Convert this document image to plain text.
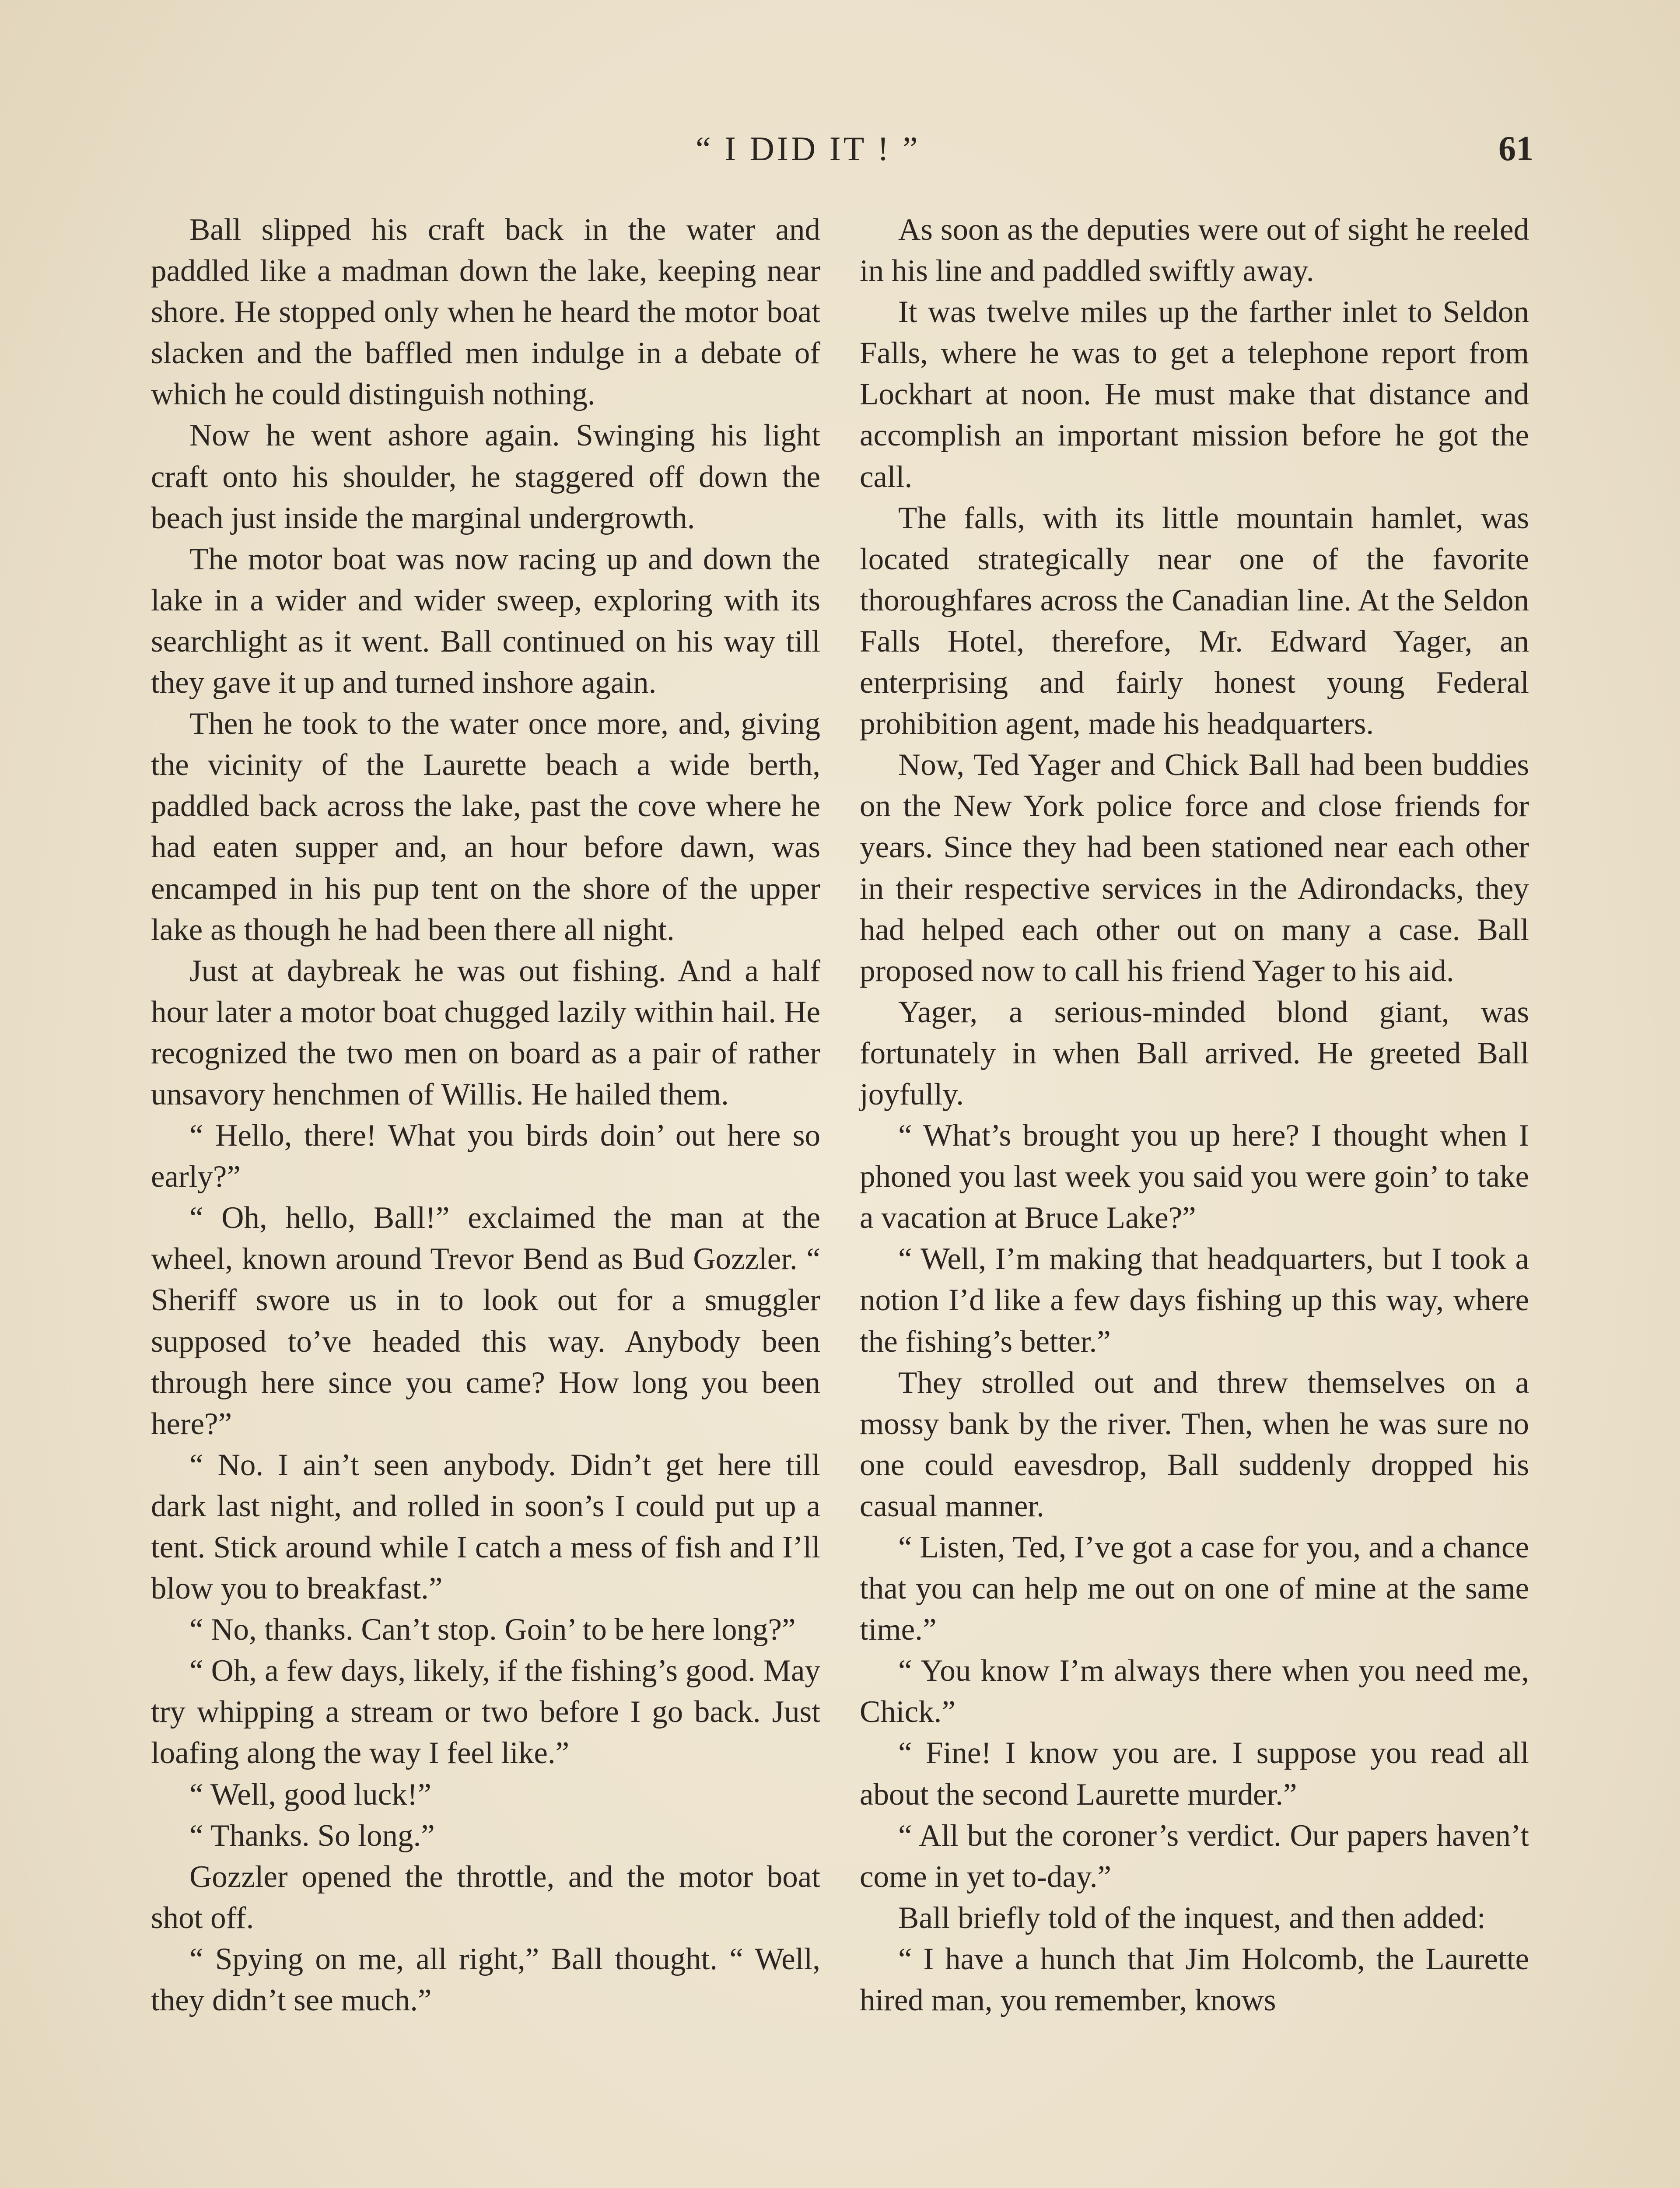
“ I DID IT ! ”	61

Ball slipped his craft back in the water and paddled like a madman down the lake, keeping near shore. He stopped only when he heard the motor boat slacken and the baffled men indulge in a debate of which he could distinguish nothing.

Now he went ashore again. Swinging his light craft onto his shoulder, he staggered off down the beach just inside the marginal undergrowth.

The motor boat was now racing up and down the lake in a wider and wider sweep, exploring with its searchlight as it went. Ball continued on his way till they gave it up and turned inshore again.

Then he took to the water once more, and, giving the vicinity of the Laurette beach a wide berth, paddled back across the lake, past the cove where he had eaten supper and, an hour before dawn, was encamped in his pup tent on the shore of the upper lake as though he had been there all night.

Just at daybreak he was out fishing. And a half hour later a motor boat chugged lazily within hail. He recognized the two men on board as a pair of rather unsavory henchmen of Willis. He hailed them.

“ Hello, there! What you birds doin’ out here so early?”

“ Oh, hello, Ball!” exclaimed the man at the wheel, known around Trevor Bend as Bud Gozzler. “ Sheriff swore us in to look out for a smuggler supposed to’ve headed this way. Anybody been through here since you came? How long you been here?”

“ No. I ain’t seen anybody. Didn’t get here till dark last night, and rolled in soon’s I could put up a tent. Stick around while I catch a mess of fish and I’ll blow you to breakfast.”

“ No, thanks. Can’t stop. Goin’ to be here long?”

“ Oh, a few days, likely, if the fishing’s good. May try whipping a stream or two before I go back. Just loafing along the way I feel like.”

“ Well, good luck!”

“ Thanks. So long.”

Gozzler opened the throttle, and the motor boat shot off.

“ Spying on me, all right,” Ball thought. “ Well, they didn’t see much.”

As soon as the deputies were out of sight he reeled in his line and paddled swiftly away.

It was twelve miles up the farther inlet to Seldon Falls, where he was to get a telephone report from Lockhart at noon. He must make that distance and accomplish an important mission before he got the call.

The falls, with its little mountain hamlet, was located strategically near one of the favorite thoroughfares across the Canadian line. At the Seldon Falls Hotel, therefore, Mr. Edward Yager, an enterprising and fairly honest young Federal prohibition agent, made his headquarters.

Now, Ted Yager and Chick Ball had been buddies on the New York police force and close friends for years. Since they had been stationed near each other in their respective services in the Adirondacks, they had helped each other out on many a case. Ball proposed now to call his friend Yager to his aid.

Yager, a serious-minded blond giant, was fortunately in when Ball arrived. He greeted Ball joyfully.

“ What’s brought you up here? I thought when I phoned you last week you said you were goin’ to take a vacation at Bruce Lake?”

“ Well, I’m making that headquarters, but I took a notion I’d like a few days fishing up this way, where the fishing’s better.”

They strolled out and threw themselves on a mossy bank by the river. Then, when he was sure no one could eavesdrop, Ball suddenly dropped his casual manner.

“ Listen, Ted, I’ve got a case for you, and a chance that you can help me out on one of mine at the same time.”

“ You know I’m always there when you need me, Chick.”

“ Fine! I know you are. I suppose you read all about the second Laurette murder.”

“ All but the coroner’s verdict. Our papers haven’t come in yet to-day.”

Ball briefly told of the inquest, and then added:

“ I have a hunch that Jim Holcomb, the Laurette hired man, you remember, knows
